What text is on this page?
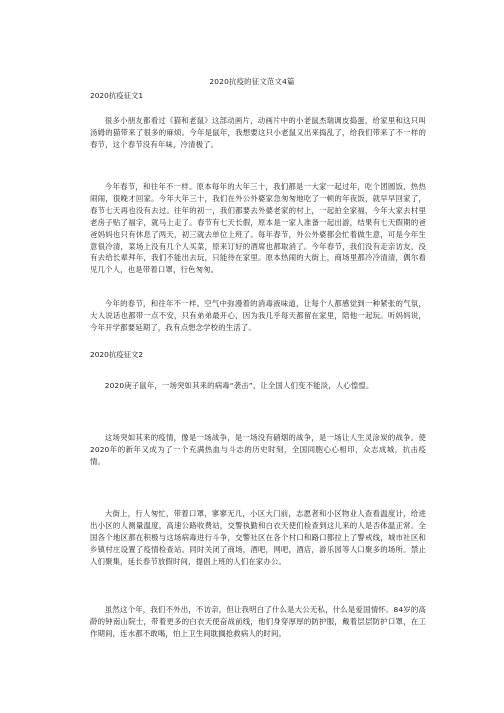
2020抗疫的征文范文4篇
2020抗疫征文1

很多小朋友都看过《猫和老鼠》这部动画片，动画片中的小老鼠杰瑞调皮捣蛋，给家里和这只叫汤姆的猫带来了很多的麻烦。今年是鼠年，我想要这只小老鼠又出来捣乱了，给我们带来了不一样的春节，这个春节没有年味，冷清极了。

今年春节，和往年不一样。原本每年的大年三十，我们都是一大家一起过年，吃个团圆饭，热热闹闹，很晚才回家。今年大年三十，我们在外公外婆家急匆匆地吃了一顿的年夜饭，就早早回家了，春节七天再也没有去过。往年的初一，我们都要去外婆老家的村上，一起拍全家福，今年大家去村里老房子贴了福字，就马上走了。春节有七天长假，原本是一家人准备一起出游，结果有七天假期的爸爸妈妈也只有休息了两天，初三就去单位上班了。每年春节，外公外婆都会忙着做生意，可是今年生意很冷清，菜场上没有几个人买菜，原来订好的酒席也都取消了。今年春节，我们没有走亲访友，没有去给长辈拜年，我们不能出去玩，只能待在家里。原本热闹的大街上，商场里都冷冷清清，偶尔看见几个人，也是带着口罩，行色匆匆。

今年的春节，和往年不一样。空气中弥漫着的消毒液味道，让每个人都感觉到一种紧张的气氛，大人说话也都带一点不安，只有弟弟最开心，因为我几乎每天都留在家里，陪他一起玩。听妈妈说，今年开学都要延期了，我有点想念学校的生活了。

2020抗疫征文2

2020庚子鼠年，一场突如其来的病毒“袭击”，让全国人们变不能淡，人心惶惶。

这场突如其来的疫情，像是一场战争，是一场没有硝烟的战争，是一场让人生灵涂炭的战争。使2020年的新年又成为了一个充满热血与斗志的历史时刻，全国同胞心心相印，众志成城，抗击疫情。

大街上，行人匆忙，带着口罩，寥寥无几，小区大门前，志愿者和小区物业人查看温度计，给进出小区的人测量温度，高速公路收费站，交警执勤和白衣天使们检查到这儿来的人是否体温正常。全国各个地区都在积极与这场病毒进行斗争，交警社区在各个村口和路口都拉上了警戒线，城市社区和乡镇村庄设置了疫情检查站。同时关闭了商场，酒吧，网吧，酒店，游乐园等人口聚多的场所。禁止人们聚集，延长春节放假时间，提倡上班的人们在家办公。

虽然这个年，我们不外出，不访亲，但让我明白了什么是大公无私，什么是爱国情怀。84岁的高龄的钟南山院士，带着更多的白衣天使奋战前线，他们身穿厚厚的防护服，戴着层层防护口罩，在工作期间，连水都不敢喝，怕上卫生间耽搁抢救病人的时间。
